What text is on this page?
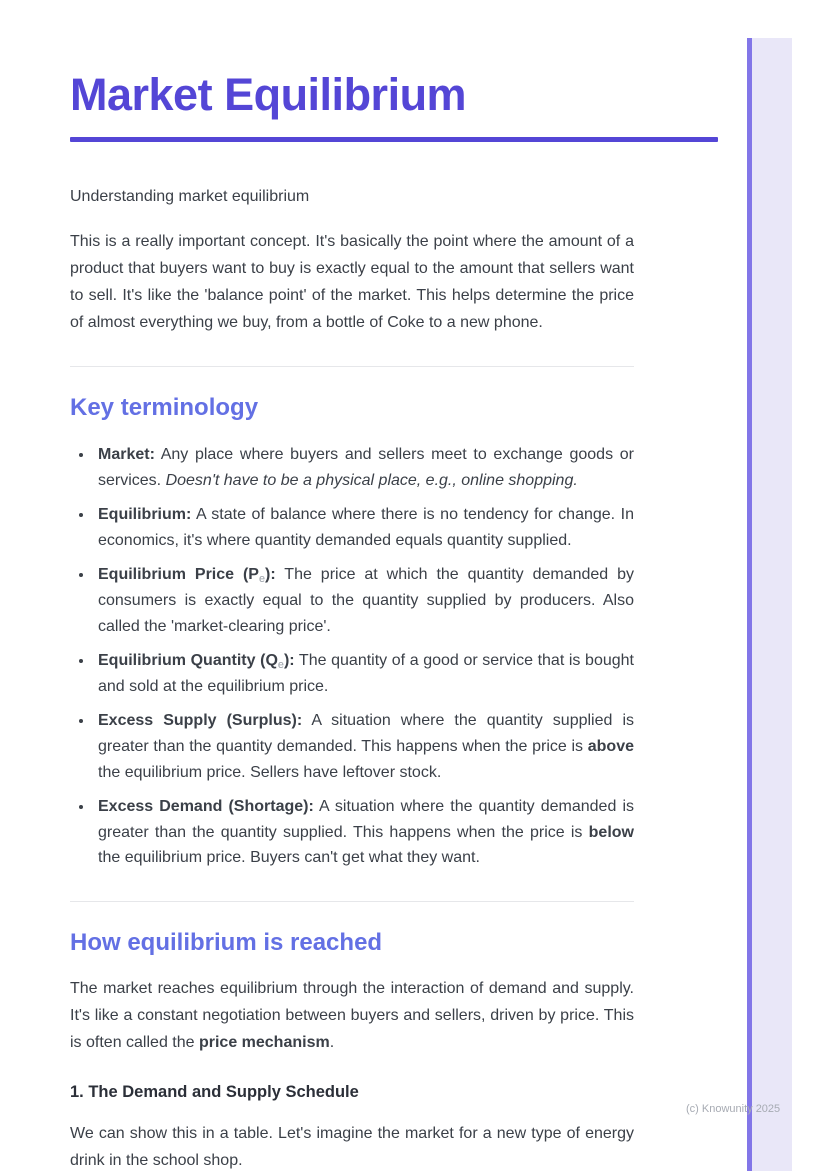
Market Equilibrium

Understanding market equilibrium

This is a really important concept. It's basically the point where the amount of a product that buyers want to buy is exactly equal to the amount that sellers want to sell. It's like the 'balance point' of the market. This helps determine the price of almost everything we buy, from a bottle of Coke to a new phone.

Key terminology
• Market: Any place where buyers and sellers meet to exchange goods or services. Doesn't have to be a physical place, e.g., online shopping.
• Equilibrium: A state of balance where there is no tendency for change. In economics, it's where quantity demanded equals quantity supplied.
• Equilibrium Price $(P_e)$: The price at which the quantity demanded by consumers is exactly equal to the quantity supplied by producers. Also called the 'market-clearing price'.
• Equilibrium Quantity $(Q_e)$: The quantity of a good or service that is bought and sold at the equilibrium price.
• Excess Supply (Surplus): A situation where the quantity supplied is greater than the quantity demanded. This happens when the price is above the equilibrium price. Sellers have leftover stock.
• Excess Demand (Shortage): A situation where the quantity demanded is greater than the quantity supplied. This happens when the price is below the equilibrium price. Buyers can't get what they want.
How equilibrium is reached

The market reaches equilibrium through the interaction of demand and supply. It's like a constant negotiation between buyers and sellers, driven by price. This is often called the price mechanism.

1. The Demand and Supply Schedule

We can show this in a table. Let's imagine the market for a new type of energy drink in the school shop.

(c) Knowunity 2025
